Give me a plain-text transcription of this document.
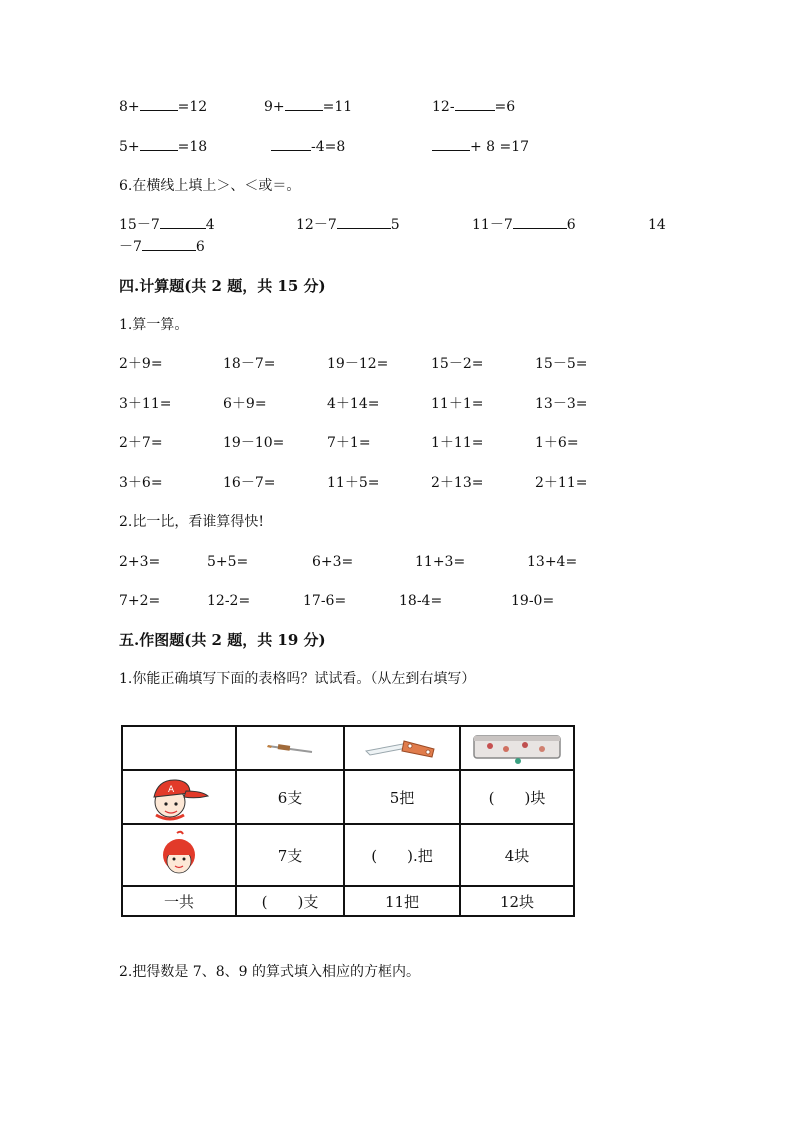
8+	=12	9+	=11	12-	=6
5+	=18	-4=8	+ 8 =17
6.在横线上填上＞、＜或＝。
15－7	4	12－7	5	11－7	6	14
－7	6
四.计算题(共 2 题，共 15 分)
1.算一算。
2＋9=	18－7=	19－12=	15－2=	15－5=
3＋11=	6＋9=	4＋14=	11＋1=	13－3=
2＋7=	19－10=	7＋1=	1＋11=	1＋6=
3＋6=	16－7=	11＋5=	2＋13=	2＋11=
2.比一比，看谁算得快!
2+3=	5+5=	6+3=	11+3=	13+4=
7+2=	12-2=	17-6=	18-4=	19-0=
五.作图题(共 2 题，共 19 分)
1.你能正确填写下面的表格吗？试试看。（从左到右填写）

A	6支	5把	(　　)块

	7支	(　　).把	4块
一共	(　　)支	11把	12块
2.把得数是 7、8、9 的算式填入相应的方框内。
